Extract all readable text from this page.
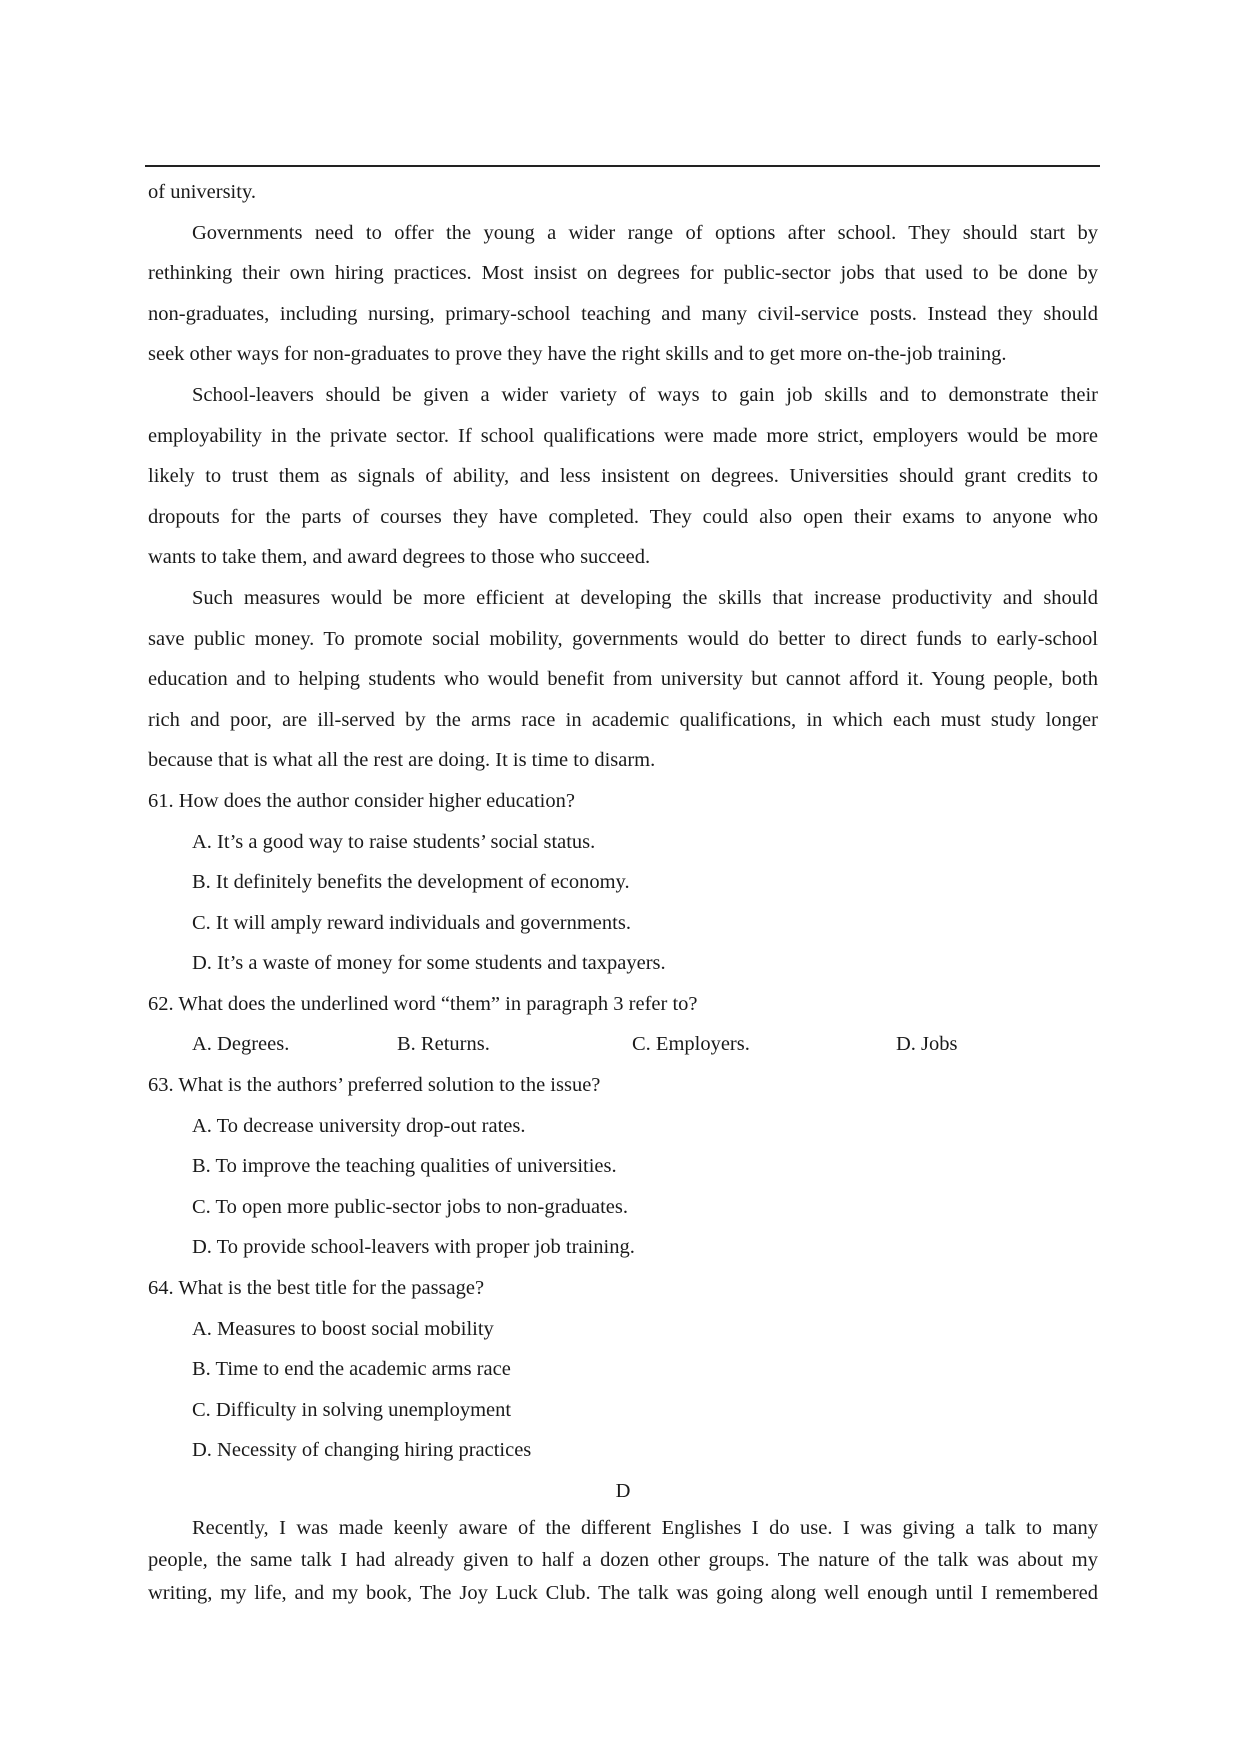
of university.
Governments need to offer the young a wider range of options after school. They should start by
rethinking their own hiring practices. Most insist on degrees for public-sector jobs that used to be done by
non-graduates, including nursing, primary-school teaching and many civil-service posts. Instead they should
seek other ways for non-graduates to prove they have the right skills and to get more on-the-job training.
School-leavers should be given a wider variety of ways to gain job skills and to demonstrate their
employability in the private sector. If school qualifications were made more strict, employers would be more
likely to trust them as signals of ability, and less insistent on degrees. Universities should grant credits to
dropouts for the parts of courses they have completed. They could also open their exams to anyone who
wants to take them, and award degrees to those who succeed.
Such measures would be more efficient at developing the skills that increase productivity and should
save public money. To promote social mobility, governments would do better to direct funds to early-school
education and to helping students who would benefit from university but cannot afford it. Young people, both
rich and poor, are ill-served by the arms race in academic qualifications, in which each must study longer
because that is what all the rest are doing. It is time to disarm.
61. How does the author consider higher education?
A. It’s a good way to raise students’ social status.
B. It definitely benefits the development of economy.
C. It will amply reward individuals and governments.
D. It’s a waste of money for some students and taxpayers.
62. What does the underlined word “them” in paragraph 3 refer to?
A. Degrees.	B. Returns.	C. Employers.	D. Jobs
63. What is the authors’ preferred solution to the issue?
A. To decrease university drop-out rates.
B. To improve the teaching qualities of universities.
C. To open more public-sector jobs to non-graduates.
D. To provide school-leavers with proper job training.
64. What is the best title for the passage?
A. Measures to boost social mobility
B. Time to end the academic arms race
C. Difficulty in solving unemployment
D. Necessity of changing hiring practices
D
Recently, I was made keenly aware of the different Englishes I do use. I was giving a talk to many
people, the same talk I had already given to half a dozen other groups. The nature of the talk was about my
writing, my life, and my book, The Joy Luck Club. The talk was going along well enough until I remembered
